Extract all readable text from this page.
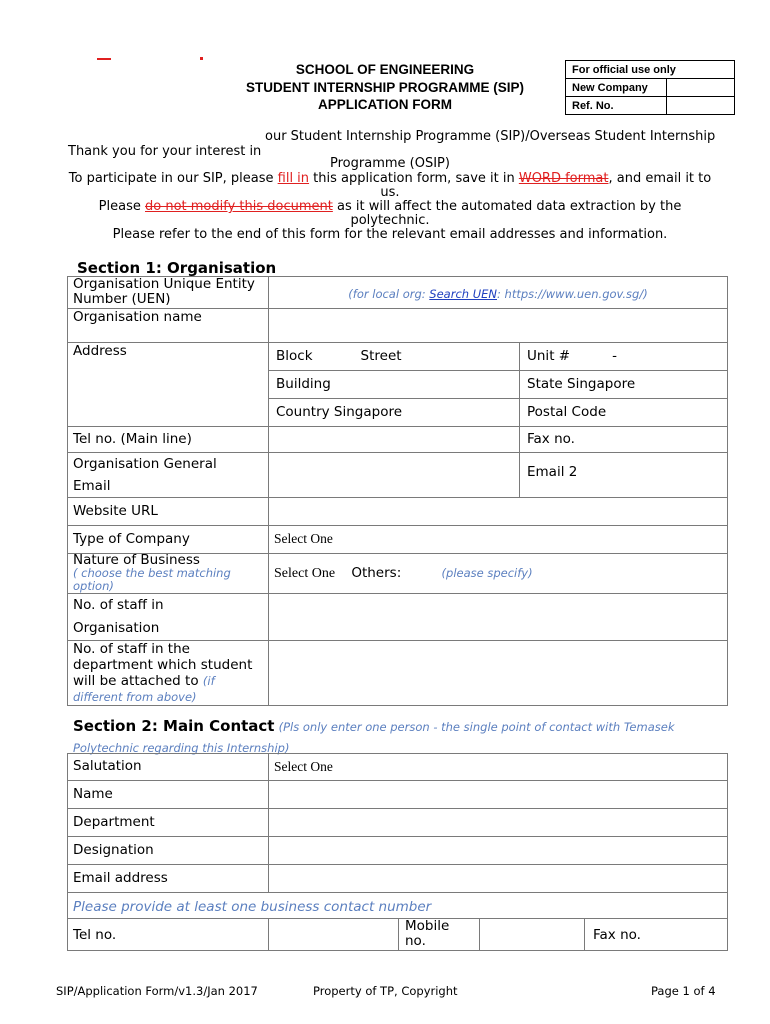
SCHOOL OF ENGINEERING
STUDENT INTERNSHIP PROGRAMME (SIP)
APPLICATION FORM
For official use only	
New Company	
Ref. No.	
our Student Internship Programme (SIP)/Overseas Student Internship
Thank you for your interest in
Programme (OSIP)
To participate in our SIP, please fill in this application form, save it in WORD format, and email it to
us.
Please do not modify this document as it will affect the automated data extraction by the
polytechnic.
Please refer to the end of this form for the relevant email addresses and information.
Section 1: Organisation
Organisation Unique Entity Number (UEN)	(for local org: Search UEN: https://www.uen.gov.sg/)	
Organisation name		
Address	Block Street	Unit # -
	Building	State Singapore
	Country Singapore	Postal Code
Tel no. (Main line)		Fax no.
Organisation General
Email		Email 2
Website URL		
Type of Company	Select One	
Nature of Business
( choose the best matching option)	Select One Others: (please specify)	
No. of staff in
Organisation		
No. of staff in the department which student will be attached to (if different from above)		
Section 2: Main Contact (Pls only enter one person - the single point of contact with Temasek Polytechnic regarding this Internship)
Salutation	Select One			
Name				
Department				
Designation				
Email address				
Please provide at least one business contact number				
Tel no.		Mobile no.		Fax no.
SIP/Application Form/v1.3/Jan 2017	Property of TP, Copyright	Page 1 of 4
